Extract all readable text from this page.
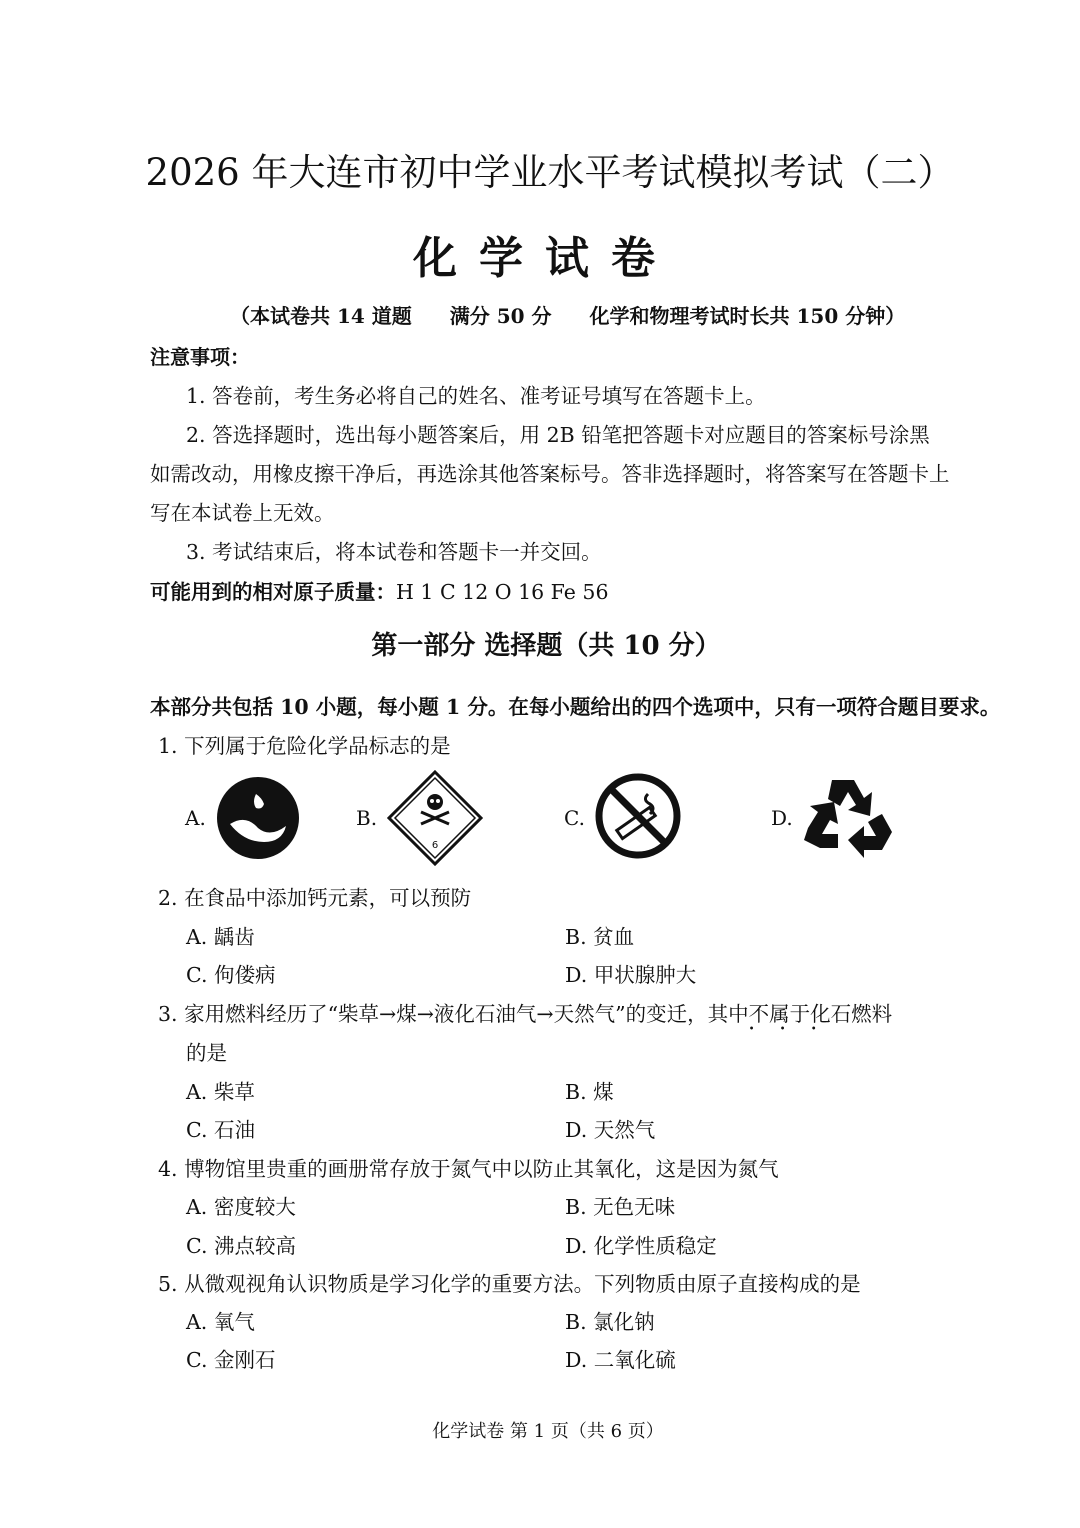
2026 年大连市初中学业水平考试模拟考试（二）
化学试卷
（本试卷共 14 道题 满分 50 分 化学和物理考试时长共 150 分钟）
注意事项：
1. 答卷前，考生务必将自己的姓名、准考证号填写在答题卡上。
2. 答选择题时，选出每小题答案后，用 2B 铅笔把答题卡对应题目的答案标号涂黑
如需改动，用橡皮擦干净后，再选涂其他答案标号。答非选择题时，将答案写在答题卡上
写在本试卷上无效。
3. 考试结束后，将本试卷和答题卡一并交回。
可能用到的相对原子质量：H 1 C 12 O 16 Fe 56
第一部分 选择题（共 10 分）
本部分共包括 10 小题，每小题 1 分。在每小题给出的四个选项中，只有一项符合题目要求。
1. 下列属于危险化学品标志的是
A.	B.
6
C.	D.
2. 在食品中添加钙元素，可以预防
A. 龋齿	B. 贫血
C. 佝偻病	D. 甲状腺肿大
3. 家用燃料经历了“柴草→煤→液化石油气→天然气”的变迁，其中不属于 • • •化石燃料
的是
A. 柴草	B. 煤
C. 石油	D. 天然气
4. 博物馆里贵重的画册常存放于氮气中以防止其氧化，这是因为氮气
A. 密度较大	B. 无色无味
C. 沸点较高	D. 化学性质稳定
5. 从微观视角认识物质是学习化学的重要方法。下列物质由原子直接构成的是
A. 氧气	B. 氯化钠
C. 金刚石	D. 二氧化硫
化学试卷 第 1 页（共 6 页）
